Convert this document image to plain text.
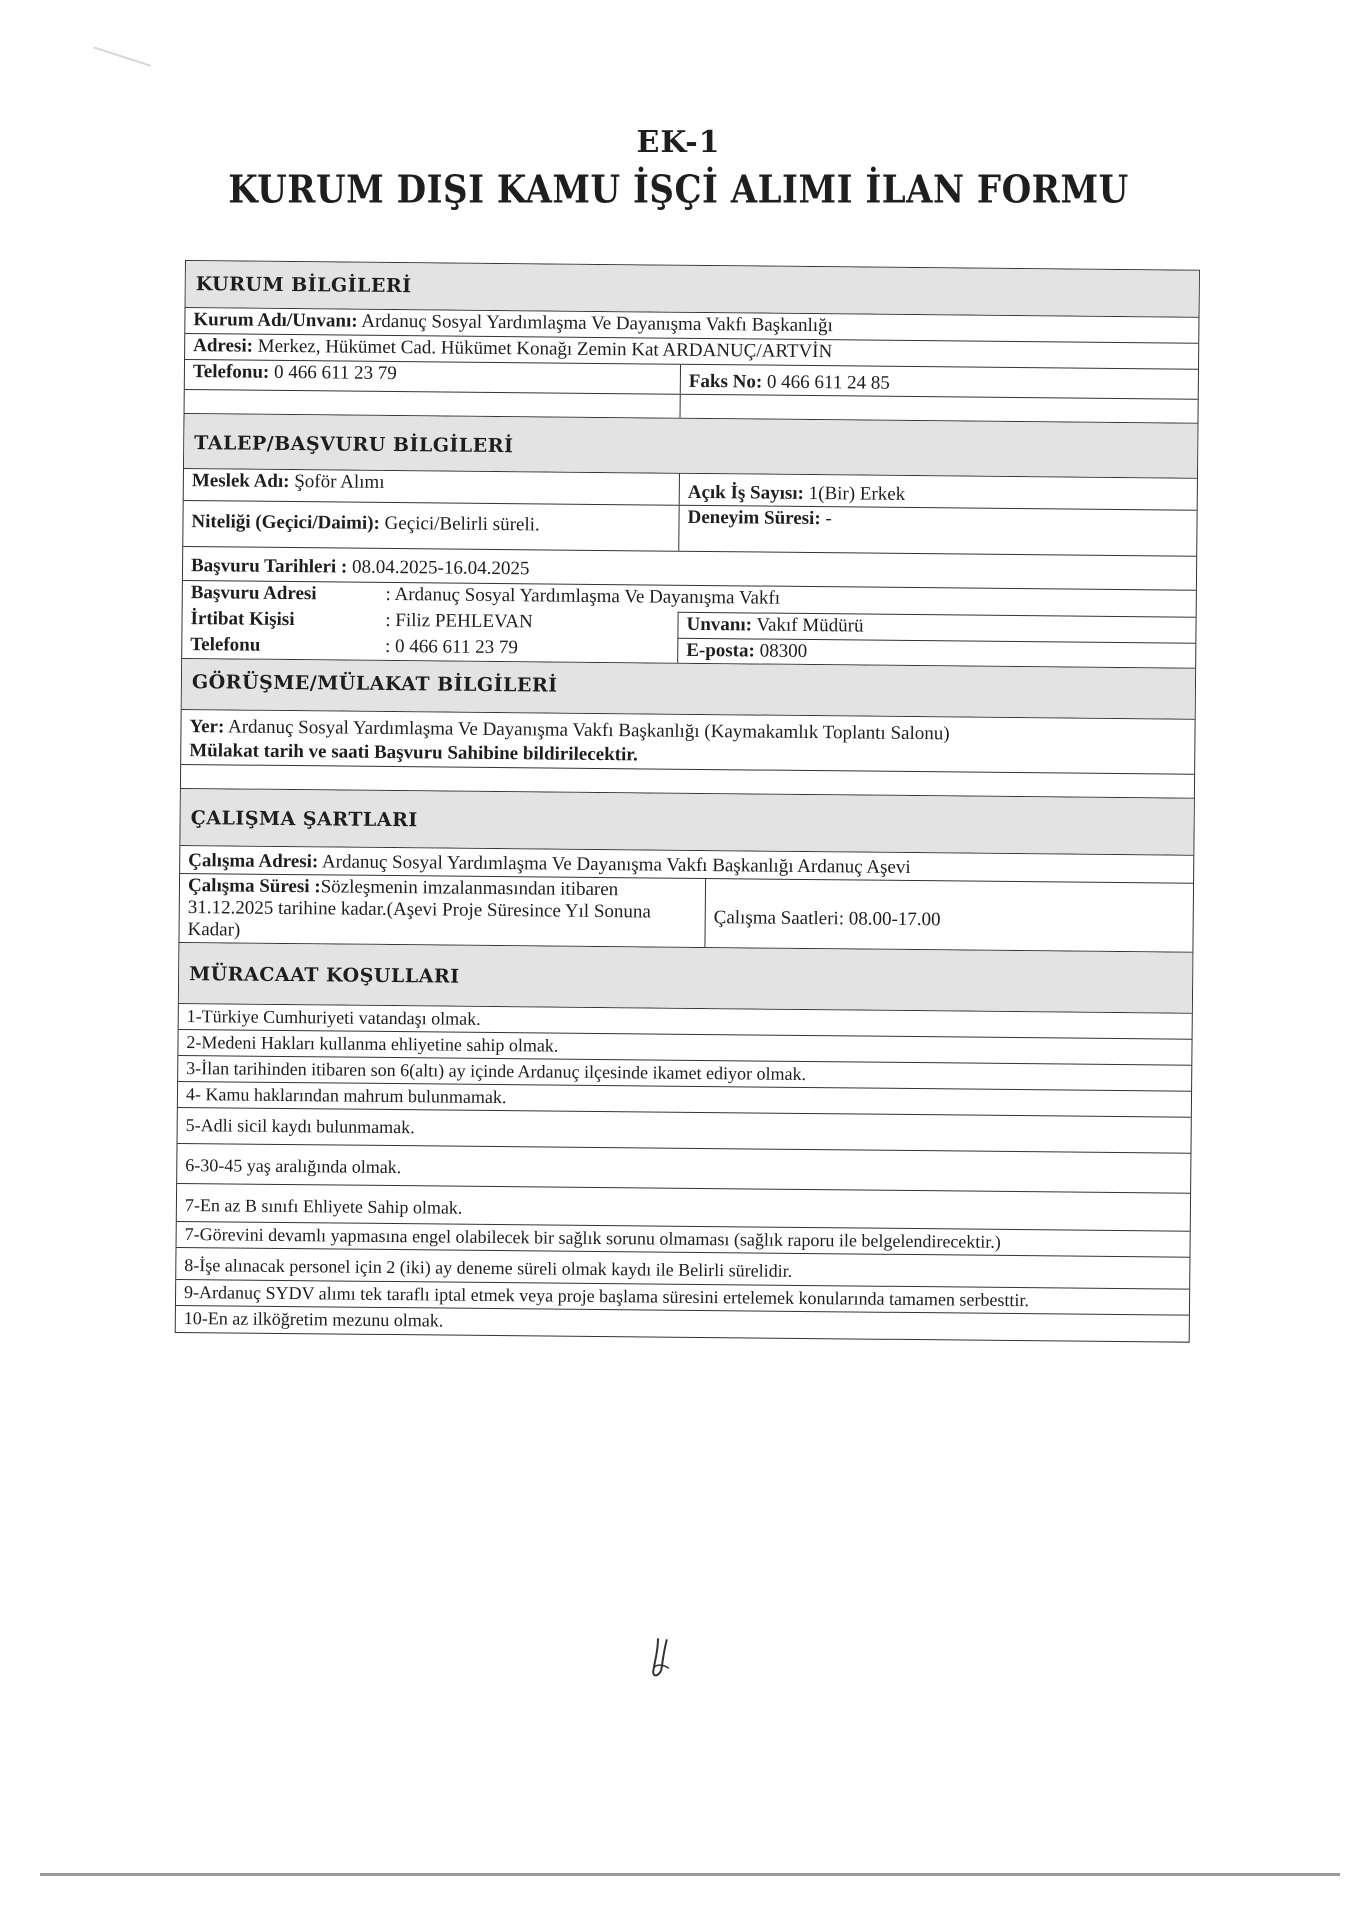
EK-1
KURUM DIŞI KAMU İŞÇİ ALIMI İLAN FORMU
KURUM BİLGİLERİ
Kurum Adı/Unvanı: Ardanuç Sosyal Yardımlaşma Ve Dayanışma Vakfı Başkanlığı
Adresi: Merkez, Hükümet Cad. Hükümet Konağı Zemin Kat ARDANUÇ/ARTVİN
Telefonu: 0 466 611 23 79	Faks No: 0 466 611 24 85
TALEP/BAŞVURU BİLGİLERİ
Meslek Adı: Şoför Alımı	Açık İş Sayısı: 1(Bir) Erkek
Niteliği (Geçici/Daimi): Geçici/Belirli süreli.	Deneyim Süresi: -
Başvuru Tarihleri : 08.04.2025-16.04.2025
Başvuru Adresi	: Ardanuç Sosyal Yardımlaşma Ve Dayanışma Vakfı
İrtibat Kişisi	: Filiz PEHLEVAN	Unvanı: Vakıf Müdürü
Telefonu	: 0 466 611 23 79	E-posta: 08300
GÖRÜŞME/MÜLAKAT BİLGİLERİ
Yer: Ardanuç Sosyal Yardımlaşma Ve Dayanışma Vakfı Başkanlığı (Kaymakamlık Toplantı Salonu)
Mülakat tarih ve saati Başvuru Sahibine bildirilecektir.
ÇALIŞMA ŞARTLARI
Çalışma Adresi: Ardanuç Sosyal Yardımlaşma Ve Dayanışma Vakfı Başkanlığı Ardanuç Aşevi
Çalışma Süresi :Sözleşmenin imzalanmasından itibaren 31.12.2025 tarihine kadar.(Aşevi Proje Süresince Yıl Sonuna Kadar)
Çalışma Saatleri: 08.00-17.00
MÜRACAAT KOŞULLARI
1-Türkiye Cumhuriyeti vatandaşı olmak.
2-Medeni Hakları kullanma ehliyetine sahip olmak.
3-İlan tarihinden itibaren son 6(altı) ay içinde Ardanuç ilçesinde ikamet ediyor olmak.
4- Kamu haklarından mahrum bulunmamak.
5-Adli sicil kaydı bulunmamak.
6-30-45 yaş aralığında olmak.
7-En az B sınıfı Ehliyete Sahip olmak.
7-Görevini devamlı yapmasına engel olabilecek bir sağlık sorunu olmaması (sağlık raporu ile belgelendirecektir.)
8-İşe alınacak personel için 2 (iki) ay deneme süreli olmak kaydı ile Belirli sürelidir.
9-Ardanuç SYDV alımı tek taraflı iptal etmek veya proje başlama süresini ertelemek konularında tamamen serbesttir.
10-En az ilköğretim mezunu olmak.
